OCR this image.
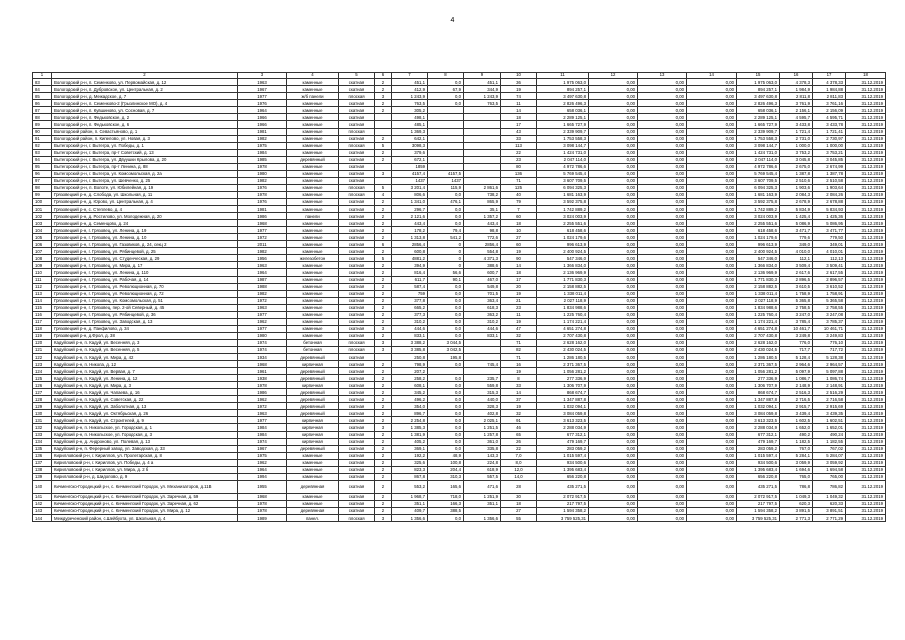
4
1	2	3	4	5	6	7	8	9	10	11	12	13	14	15	16	17	18
83	Вологодский р-н, п. Семенково, ул. Первомайская, д. 12	1963	каменные	скатная	2	451,1	0,0	451,1	36	1 975 063,0	0,00	0,00	0,00	1 975 063,0	4 378,3	4 378,33	31.12.2019
84	Вологодский р-н, п. Дубровское, ул. Центральная, д. 2	1967	каменные	скатная	2	412,9	67,9	344,9	19	894 257,1	0,00	0,00	0,00	894 257,1	1 984,9	1 984,88	31.12.2019
85	Вологодский р-н, д. Межадское, д. 7	1977	ж/б панели	плоская	3	1 243,9	0,0	1 243,9	74	3 497 630,8	0,00	0,00	0,00	3 497 630,8	2 811,8	2 811,83	31.12.2019
86	Вологодский р-н, п. Семенково-2 (Грызлинское МО), д. 4	1976	каменные	скатная	2	763,5	0,0	763,5	11	2 826 496,3	0,00	0,00	0,00	2 826 496,3	3 761,9	3 761,16	31.12.2019
87	Вологодский р-н, п. Кувшиново, ул. Сосновая, д. 7	1964	каменные	скатная	2	305,2			14	658 036,1	0,00	0,00	0,00	658 036,1	2 156,1	2 156,09	31.12.2019
88	Вологодский р-н, п. Федьковское, д. 2	1966	каменные	скатная		498,1			18	2 289 125,1	0,00	0,00	0,00	2 289 125,1	4 595,7	4 595,71	31.12.2019
89	Вологодский р-н, п. Федьковское, д. 6	1966	каменные	скатная		485,1			17	1 665 727,9	0,00	0,00	0,00	1 665 727,9	3 433,8	3 433,78	31.12.2019
90	Вологодский район, п. Севастьяново, д. 1	1981	каменные	плоская		1 369,3			43	2 339 909,7	0,00	0,00	0,00	2 339 909,7	1 721,4	1 721,41	31.12.2019
91	Вологодский район, п. Кипелово, ул. Новая, д. 3	1982	каменные	скатная	2	642,1			33	1 753 558,3	0,00	0,00	0,00	1 753 558,3	2 731,0	2 730,97	31.12.2019
92	Вытегорский р-н, г. Вытегра, ул. Победы, д. 1	1975	каменные	плоская	5	3098,3			113	3 098 144,7	0,00	0,00	0,00	3 098 144,7	1 000,0	1 000,00	31.12.2019
93	Вытегорский р-н, г. Вытегра, пр-т Советский, д. 13	1984	каменные	скатная	2	379,6			22	1 424 731,0	0,00	0,00	0,00	1 424 731,0	3 753,2	3 753,21	31.12.2019
94	Вытегорский р-н, г. Вытегра, ул. Двуушки Крылова, д. 20	1985	деревянный	скатная	2	672,1			23	2 047 114,0	0,00	0,00	0,00	2 047 114,0	3 045,8	3 045,85	31.12.2019
95	Вытегорский р-н, г. Вытегра, пр-т Ленина, д. 88	1978	каменные	скатная		1859			80	4 972 786,6	0,00	0,00	0,00	4 972 786,6	2 675,0	2 674,99	31.12.2019
96	Вытегорский р-н, г. Вытегра, ул. Комсомольская, д. 2а	1980	каменные	скатная	3	4157,4	4157,5		136	5 769 545,4	0,00	0,00	0,00	5 769 545,4	1 387,8	1 387,78	31.12.2019
97	Вытегорский р-н, г. Вытегра, ул. Шевченко, д. 25	1982	каменные	скатная		1437	1437		71	3 607 709,5	0,00	0,00	0,00	3 607 709,5	2 510,6	2 510,58	31.12.2019
98	Вытегорский р-н, п. Волоте, ул. Юбилейная, д. 19	1976	каменные	плоская	5	3 201,4	115,9	2 861,6	125	6 094 325,3	0,00	0,00	0,00	6 094 325,3	1 903,6	1 903,64	31.12.2019
99	Грязовецкий р-н, д. Слобода, ул. Школьная, д. 11	1978	каменные	плоская	4	806,6	0,0	738,2	40	1 681 163,9	0,00	0,00	0,00	1 681 163,9	2 084,3	2 084,26	31.12.2019
100	Грязовецкий р-н, д. Юрово, ул. Центральная, д. 4	1976	каменные	скатная	2	1 341,0	476,1	865,9	79	3 592 375,8	0,00	0,00	0,00	3 592 375,8	2 678,9	2 678,88	31.12.2019
101	Грязовецкий р-н, с. Степлево, д. 4	1981	каменные	скатная	2	296,7	0,0	35,1	7	1 742 889,2	0,00	0,00	0,00	1 742 889,2	5 834,9	5 834,93	31.12.2019
102	Грязовецкий р-н, д. Ростилово, ул. Молодежная, д. 20	1986	панели	скатная	2	2 121,6	0,0	1 357,2	60	3 024 003,9	0,00	0,00	0,00	3 024 003,9	1 425,4	1 425,36	31.12.2019
103	Грязовецкий р-н, д. Семенцово, д. 24	1968	каменные	скатная	2	443,4	0,0	443,4	18	2 255 551,6	0,00	0,00	0,00	2 255 551,6	5 086,9	5 086,95	31.12.2019
104	Грязовецкий р-н, г. Грязовец, ул. Ленина, д. 19	1977	каменные	скатная	2	178,2	79,4	98,8	10	618 458,6	0,00	0,00	0,00	618 458,6	3 471,7	3 471,77	31.12.2019
105	Грязовецкий р-н, г. Грязовец, ул. Ленина, д. 10	1972	каменные	скатная	2	1 313,8	541,2	772,6	27	1 024 179,6	0,00	0,00	0,00	1 024 179,6	779,6	779,50	31.12.2019
106	Грязовецкий р-н, г. Грязовец, ул. Газовиков, д. 24, секц 2	2011	каменные	скатная	6	2856,4	0	2856,4	60	996 613,9	0,00	0,00	0,00	996 613,9	349,0	349,01	31.12.2019
107	Грязовецкий р-н, г. Грязовец, ул. Рябинцевой, д. 25	1982	каменные	скатная	2	600,8	0	554,8	19	2 400 924,5	0,00	0,00	0,00	2 400 924,5	4 010,0	4 010,01	31.12.2019
108	Грязовецкий р-н, г. Грязовец, ул. Студенческая, д. 29	1956	железобетон	скатная	5	4881,2	0	4 371,3	90	547 346,0	0,00	0,00	0,00	547 346,0	112,1	112,13	31.12.2019
109	Грязовецкий р-н, г. Грязовец, ул. Мира, д. 17	1963	каменные	скатная	2	394,9	0	388,6	14	1 366 834,0	0,00	0,00	0,00	1 366 834,0	3 509,4	3 509,41	31.12.2019
110	Грязовецкий р-н, г. Грязовец, ул. Ленина, д. 110	1964	каменные	скатная	2	816,4	56,6	600,7	18	2 136 969,9	0,00	0,00	0,00	2 136 969,9	2 617,6	2 617,55	31.12.2019
111	Грязовецкий р-н, г. Грязовец, ул. Рабочая, д. 14	1987	каменные	скатная	2	611,7	90,1	467,0	17	1 771 830,3	0,00	0,00	0,00	1 771 830,3	2 896,5	2 896,57	31.12.2019
112	Грязовецкий р-н, г. Грязовец, ул. Революционная, д. 70	1988	каменные	скатная	2	587,4	0,0	549,8	20	2 158 882,5	0,00	0,00	0,00	2 158 882,5	3 610,5	3 610,52	31.12.2019
113	Грязовецкий р-н, г. Грязовец, ул. Революционная, д. 72	1982	каменные	скатная	2	759	0,0	701,5	19	1 338 011,4	0,00	0,00	0,00	1 338 011,4	1 758,9	1 758,91	31.12.2019
114	Грязовецкий р-н, г. Грязовец, ул. Комсомольская, д. 51	1972	каменные	скатная	2	377,8	0,0	363,4	21	2 027 118,9	0,00	0,00	0,00	2 027 118,9	5 365,8	5 365,58	31.12.2019
115	Грязовецкий р-н, г. Грязовец, пер. 2-ой Северный, д. 45	1963	каменные	скатная	2	665,2	0,0	618,3	23	1 834 988,6	0,00	0,00	0,00	1 834 988,6	2 758,5	2 758,55	31.12.2019
116	Грязовецкий р-н, г. Грязовец, ул. Рябинцевой, д. 36	1977	каменные	скатная	2	377,3	0,0	363,2	11	1 225 760,4	0,00	0,00	0,00	1 225 760,4	3 247,0	3 247,08	31.12.2019
117	Грязовецкий р-н, г. Грязовец, ул. Заводская, д. 13	1962	каменные	скатная	2	310,2	0,0	310,2	19	1 174 221,4	0,00	0,00	0,00	1 174 221,4	3 785,4	3 785,37	31.12.2019
118	Грязовецкий р-н, д. Панфилово, д. 34	1977	каменные	скатная	3	444,6	0,0	444,6	47	4 651 274,8	0,00	0,00	0,00	4 651 274,8	10 461,7	10 461,71	31.12.2019
119	Грязовецкий р-н, д.Фрол, д. 38	1980	каменные	скатная	2	833,1	0,0	833,1	32	2 707 430,8	0,00	0,00	0,00	2 707 430,8	3 249,8	3 249,83	31.12.2019
120	Кадуйский р-н, п. Кадуй, ул. Весенняя, д. 3	1974	бетонная	плоская	3	3 388,2	3 044,5		71	2 628 162,0	0,00	0,00	0,00	2 628 162,0	776,0	776,10	31.12.2019
121	Кадуйский р-н, п. Кадуй, ул. Весенняя, д. 5	1974	бетонная	плоская	3	3 385,8	3 042,5		82	2 430 024,5	0,00	0,00	0,00	2 430 024,5	717,7	717,72	31.12.2019
122	Кадуйский р-н, п. Кадуй, ул. Мира, д. 42	1934	деревянный	скатная		250,8	195,8		71	1 286 180,5	0,00	0,00	0,00	1 286 180,5	5 128,4	5 128,38	31.12.2019
123	Кадуйский р-н, п. Никола, д. 12	1968	кирпичная	скатная	2	798,9	0,0	745,4	16	2 371 367,5	0,00	0,00	0,00	2 371 367,5	2 964,6	2 964,57	31.12.2019
124	Кадуйский р-н, п. Кадуй, ул. Вервая, д. 7	1961	деревянный	скатная	2	207,2			19	1 056 281,2	0,00	0,00	0,00	1 056 281,2	5 097,9	5 097,88	31.12.2019
125	Кадуйский р-н, п. Кадуй, ул. Ленина, д. 12	1938	деревянный	скатная	2	258,2	0,0	235,7	8	277 336,9	0,00	0,00	0,00	277 336,9	1 086,7	1 086,74	31.12.2019
126	Кадуйский р-н, п. Кадуй, ул. Мира, д. 3	1978	кирпичная	скатная	2	608,1	0,0	559,8	33	1 306 707,9	0,00	0,00	0,00	1 306 707,9	2 148,9	2 148,91	31.12.2019
127	Кадуйский р-н, п. Кадуй, ул. Чапаева, д. 16	1986	деревянный	скатная	2	345,2	0,0	315,3	14	868 674,7	0,00	0,00	0,00	868 674,7	2 516,3	2 516,29	31.12.2019
128	Кадуйский р-н, п. Кадуй, ул. Советская, д. 22	1962	деревянный	скатная	2	496,2	0,0	440,0	37	1 347 887,8	0,00	0,00	0,00	1 347 887,8	2 716,5	2 716,58	31.12.2019
129	Кадуйский р-н, п. Кадуй, ул. Заболотная, д. 13	1972	деревянный	скатная	2	354,0	0,0	328,3	19	1 032 094,1	0,00	0,00	0,00	1 032 094,1	2 915,7	2 915,69	31.12.2019
130	Кадуйский р-н, п. Кадуй, ул. Октябрьская, д. 26	1963	деревянный	скатная	2	896,7	0,0	402,8	32	3 084 059,8	0,00	0,00	0,00	3 084 059,8	3 439,4	3 439,35	31.12.2019
131	Кадуйский р-н, п. Кадуй, ул. Строителей, д. 9	1977	кирпичная	скатная	2	2 254,8	0,0	2 025,1	91	3 613 323,5	0,00	0,00	0,00	3 613 323,5	1 602,5	1 602,51	31.12.2019
132	Кадуйский р-н, п. Никольское, ул. Городская, д. 1	1984	кирпичная	скатная	3	1 385,3	0,0	1 251,5	46	2 288 034,9	0,00	0,00	0,00	2 288 034,9	1 652,0	1 652,01	31.12.2019
133	Кадуйский р-н, п. Никольское, ул. Городская, д. 3	1984	кирпичная	скатная	2	1 381,9	0,0	1 257,8	65	677 312,1	0,00	0,00	0,00	677 312,1	490,2	490,24	31.12.2019
134	Кадуйский р-н, д. Андроново, ул. Полевая, д. 13	1974	кирпичная	скатная	2	405,2	0,0	361,0	26	479 169,7	0,00	0,00	0,00	479 169,7	1 182,5	1 182,55	31.12.2019
135	Кадуйский р-н, п. Ферерный завод, ул. Заводская, д. 33	1967	деревянный	скатная	2	369,1	0,0	335,8	22	283 059,2	0,00	0,00	0,00	283 059,2	767,0	767,02	31.12.2019
136	Кирилловский р-н, г. Кириллов, ул. Пролетарская, д. 8	1975	каменные	скатная	2	192,2	48,9	143,3	7,0	1 015 597,4	0,00	0,00	0,00	1 015 597,4	5 284,1	5 284,07	31.12.2019
137	Кирилловский р-н, г. Кириллов, ул. Победы, д. 4 а	1962	каменные	скатная	2	325,6	100,8	224,8	8,0	934 500,6	0,00	0,00	0,00	934 500,6	3 059,9	3 059,92	31.12.2019
138	Кирилловский р-н, г. Кириллов, ул. Мира, д. 2 б	1964	каменные	скатная	2	823,3	204,4	618,9	12,0	1 395 683,4	0,00	0,00	0,00	1 395 683,4	1 694,6	1 694,58	31.12.2019
139	Кирилловский р-н, д. Шидолово, д. 9	1994	каменные	скатная	2	867,8	310,3	557,5	14,0	656 220,8	0,00	0,00	0,00	656 220,8	765,0	765,00	31.12.2019
140	Кичменгско-Городецкий р-н, с. Кичменгский Городок, ул. Механизаторов, д.11В	1955	деревянная	скатная	2	553,2	165,6	471,6	28	435 271,5	0,00	0,00	0,00	435 271,5	786,8	786,82	31.12.2019
141	Кичменгско-Городецкий р-н, с. Кичменгский Городок, ул. Заречная, д. 59	1968	каменные	скатная	2	1 968,7	718,0	1 251,9	30	2 072 917,5	0,00	0,00	0,00	2 072 917,5	1 049,3	1 049,32	31.12.2019
142	Кичменгско-Городецкий р-н, с. Кичменгский Городок, ул. Заречная, д. 62	1978	каменные	скатная	2	351,1	166,3	351,1	18	217 797,5	0,00	0,00	0,00	217 797,5	620,3	620,33	31.12.2019
143	Кичменгско-Городецкий р-н, с. Кичменгский Городок, ул. Мира, д. 12	1978	деревянная	скатная	2	409,7	388,5		27	1 594 358,2	0,00	0,00	0,00	1 594 358,2	3 891,5	3 891,51	31.12.2019
144	Междуреченский район, с.Шейбухта, ул. Школьная, д. 4	1989	панел.	плоская	3	1 356,6	0,0	1 356,6	55	3 759 525,31	0,00	0,00	0,00	3 759 525,31	2 771,3	2 771,29	31.12.2019
